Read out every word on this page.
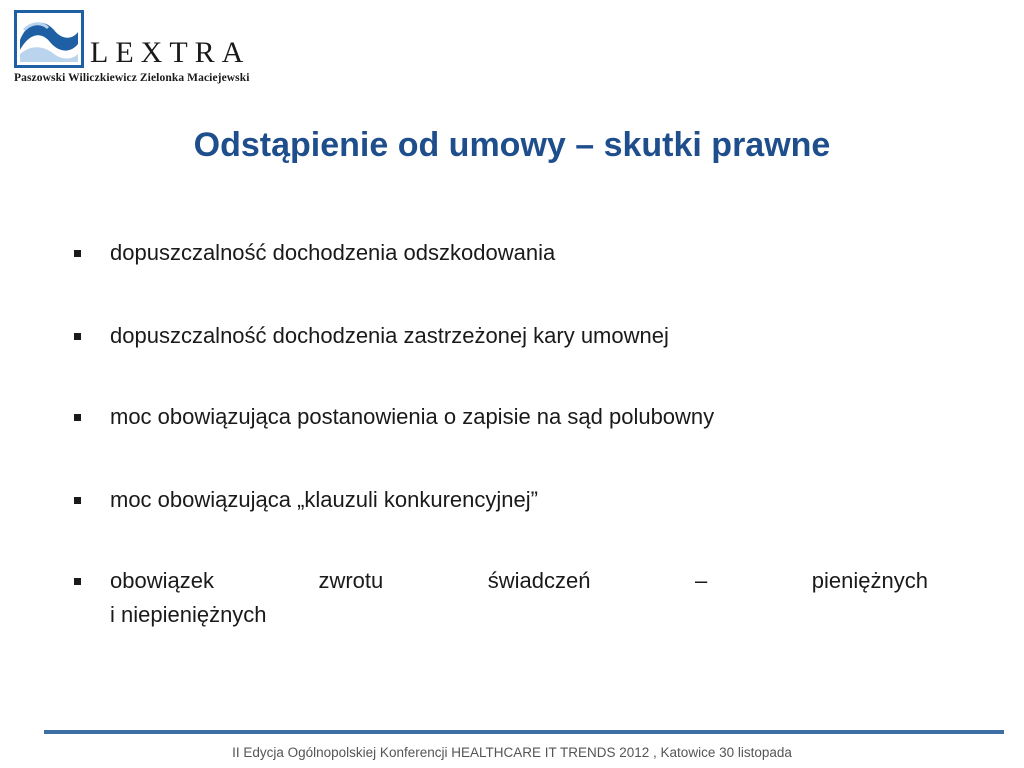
LEXTRA
Paszowski Wiliczkiewicz Zielonka Maciejewski
Odstąpienie od umowy – skutki prawne
dopuszczalność dochodzenia odszkodowania
dopuszczalność dochodzenia zastrzeżonej kary umownej
moc obowiązująca postanowienia o zapisie na sąd polubowny
moc obowiązująca „klauzuli konkurencyjnej”
obowiązek	zwrotu	świadczeń	–	pieniężnych
i niepieniężnych
II Edycja Ogólnopolskiej Konferencji HEALTHCARE IT TRENDS 2012 , Katowice 30 listopada
